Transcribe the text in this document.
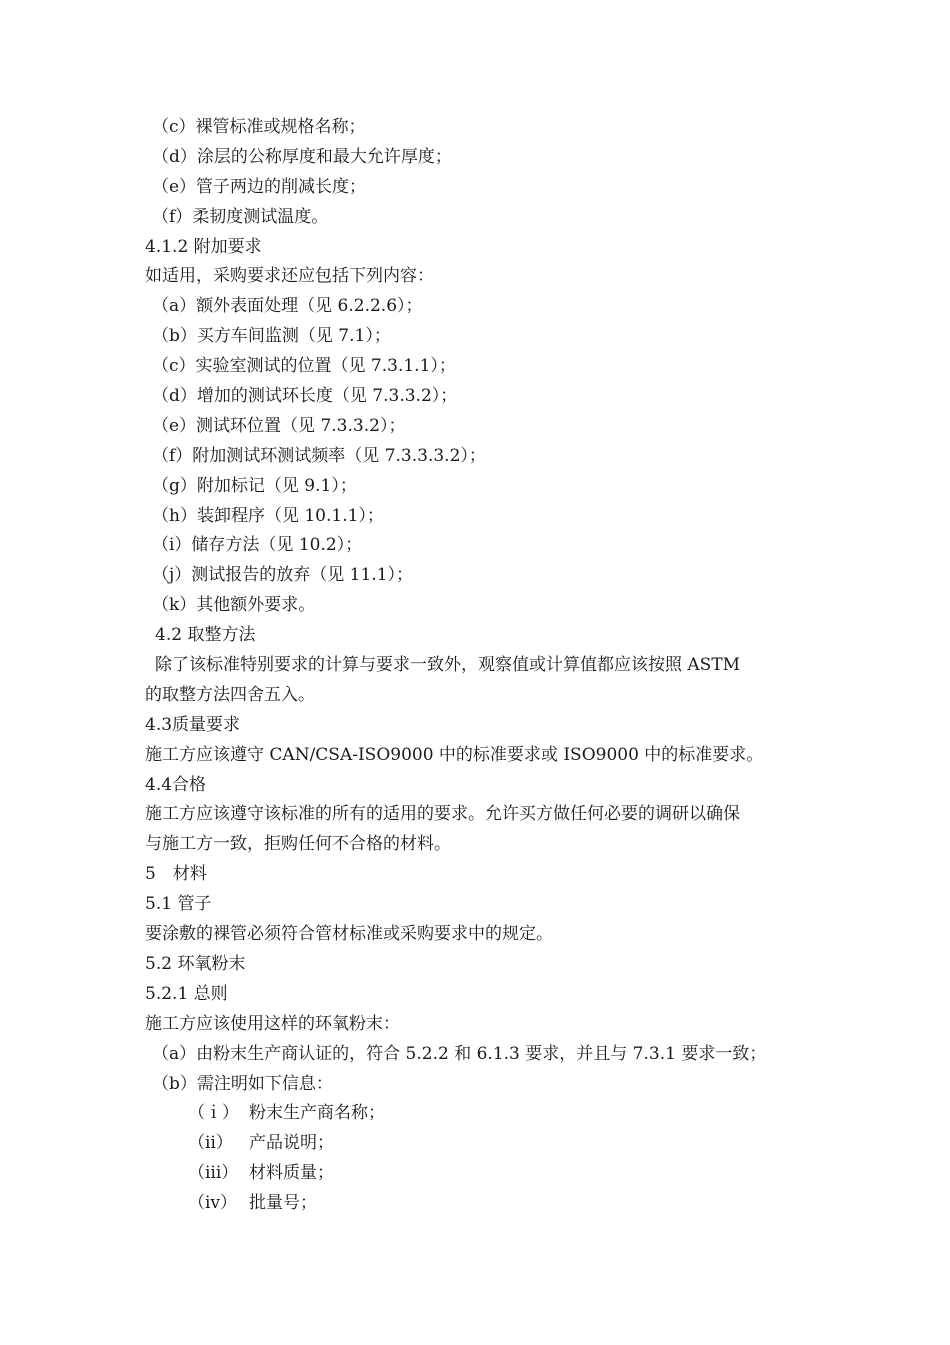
（c）裸管标准或规格名称；
（d）涂层的公称厚度和最大允许厚度；
（e）管子两边的削减长度；
（f）柔韧度测试温度。
4.1.2 附加要求
如适用，采购要求还应包括下列内容：
（a）额外表面处理（见 6.2.2.6）；
（b）买方车间监测（见 7.1）；
（c）实验室测试的位置（见 7.3.1.1）；
（d）增加的测试环长度（见 7.3.3.2）；
（e）测试环位置（见 7.3.3.2）；
（f）附加测试环测试频率（见 7.3.3.3.2）；
（g）附加标记（见 9.1）；
（h）装卸程序（见 10.1.1）；
（i）储存方法（见 10.2）；
（j）测试报告的放弃（见 11.1）；
（k）其他额外要求。
4.2 取整方法
除了该标准特别要求的计算与要求一致外，观察值或计算值都应该按照 ASTM
的取整方法四舍五入。
4.3质量要求
施工方应该遵守 CAN/CSA-ISO9000 中的标准要求或 ISO9000 中的标准要求。
4.4合格
施工方应该遵守该标准的所有的适用的要求。允许买方做任何必要的调研以确保
与施工方一致，拒购任何不合格的材料。
5　材料
5.1 管子
要涂敷的裸管必须符合管材标准或采购要求中的规定。
5.2 环氧粉末
5.2.1 总则
施工方应该使用这样的环氧粉末：
（a）由粉末生产商认证的，符合 5.2.2 和 6.1.3 要求，并且与 7.3.1 要求一致；
（b）需注明如下信息：
（ｉ） 粉末生产商名称；
（ⅱ） 产品说明；
（ⅲ） 材料质量；
（ⅳ） 批量号；
